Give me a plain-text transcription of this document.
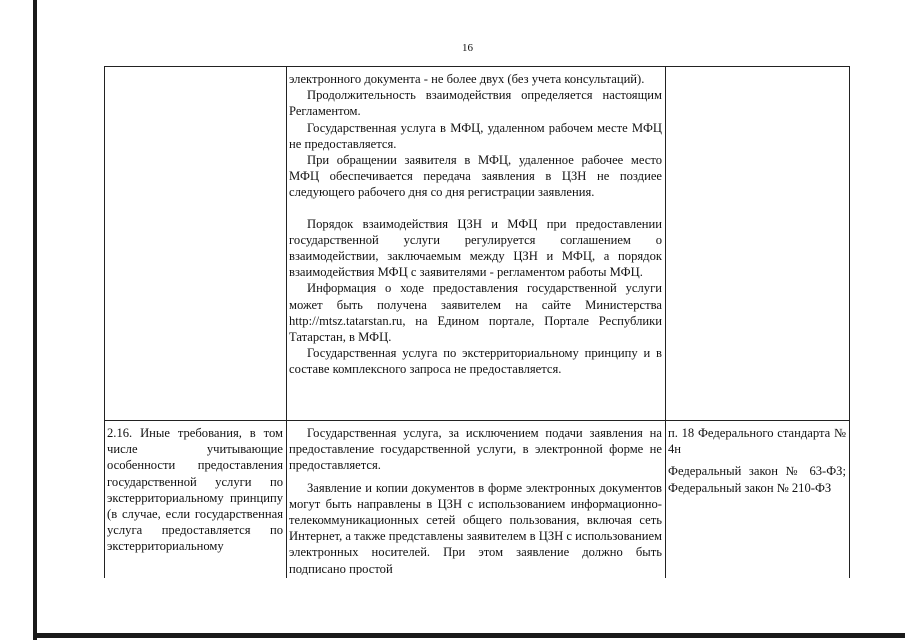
16

электронного документа - не более двух (без учета консультаций).

Продолжительность взаимодействия определяется настоящим Регламентом.

Государственная услуга в МФЦ, удаленном рабочем месте МФЦ не предоставляется.

При обращении заявителя в МФЦ, удаленное рабочее место МФЦ обеспечивается передача заявления в ЦЗН не поздиее следующего рабочего дня со дня регистрации заявления.

Порядок взаимодействия ЦЗН и МФЦ при предоставлении государственной услуги регулируется соглашением о взаимодействии, заключаемым между ЦЗН и МФЦ, а порядок взаимодействия МФЦ с заявителями - регламентом работы МФЦ.

Информация о ходе предоставления государственной услуги может быть получена заявителем на сайте Министерства http://mtsz.tatarstan.ru, на Едином портале, Портале Республики Татарстан, в МФЦ.

Государственная услуга по экстерриториальному принципу и в составе комплексного запроса не предоставляется.

2.16. Иные требования, в том числе учитывающие особенности предоставления государственной услуги по экстерриториальному принципу (в случае, если государственная услуга предоставляется по экстерриториальному

Государственная услуга, за исключением подачи заявления на предоставление государственной услуги, в электронной форме не предоставляется.

Заявление и копии документов в форме электронных документов могут быть направлены в ЦЗН с использованием информационно-телекоммуникационных сетей общего пользования, включая сеть Интернет, а также представлены заявителем в ЦЗН с использованием электронных носителей. При этом заявление должно быть подписано простой

п. 18 Федерального стандарта № 4н

Федеральный закон № 63-ФЗ; Федеральный закон № 210-ФЗ
